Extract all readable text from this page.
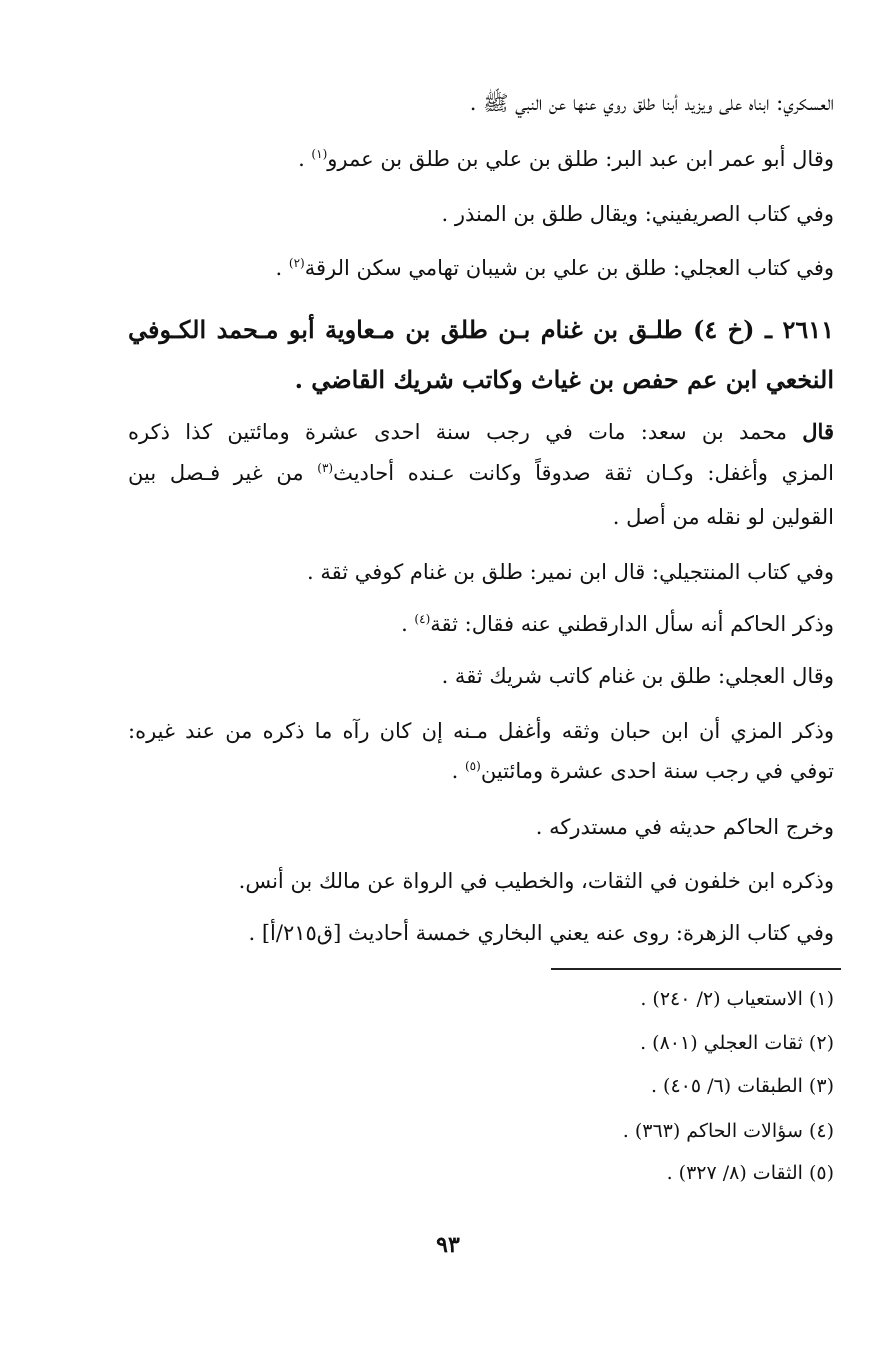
العسكري: ابناه على ويزيد أبنا طلق روي عنها عن النبي ﷺ .
وقال أبو عمر ابن عبد البر: طلق بن علي بن طلق بن عمرو$^{(١)}$ .
وفي كتاب الصريفيني: ويقال طلق بن المنذر .
وفي كتاب العجلي: طلق بن علي بن شيبان تهامي سكن الرقة$^{(٢)}$ .
٢٦١١ ـ (خ ٤) طلـق بن غنام بـن طلق بن مـعاوية أبو مـحمد الكـوفي
النخعي ابن عم حفص بن غياث وكاتب شريك القاضي .
قال محمد بن سعد: مات في رجب سنة احدى عشرة ومائتين كذا ذكره
المزي وأغفل: وكـان ثقة صدوقاً وكانت عـنده أحاديث$^{(٣)}$ من غير فـصل بين
القولين لو نقله من أصل .
وفي كتاب المنتجيلي: قال ابن نمير: طلق بن غنام كوفي ثقة .
وذكر الحاكم أنه سأل الدارقطني عنه فقال: ثقة$^{(٤)}$ .
وقال العجلي: طلق بن غنام كاتب شريك ثقة .
وذكر المزي أن ابن حبان وثقه وأغفل مـنه إن كان رآه ما ذكره من عند غيره:
توفي في رجب سنة احدى عشرة ومائتين$^{(٥)}$ .
وخرج الحاكم حديثه في مستدركه .
وذكره ابن خلفون في الثقات، والخطيب في الرواة عن مالك بن أنس.
وفي كتاب الزهرة: روى عنه يعني البخاري خمسة أحاديث [ق٢١٥/أ] .
(١) الاستعياب (٢/ ٢٤٠) .
(٢) ثقات العجلي (٨٠١) .
(٣) الطبقات (٦/ ٤٠٥) .
(٤) سؤالات الحاكم (٣٦٣) .
(٥) الثقات (٨/ ٣٢٧) .
٩٣
